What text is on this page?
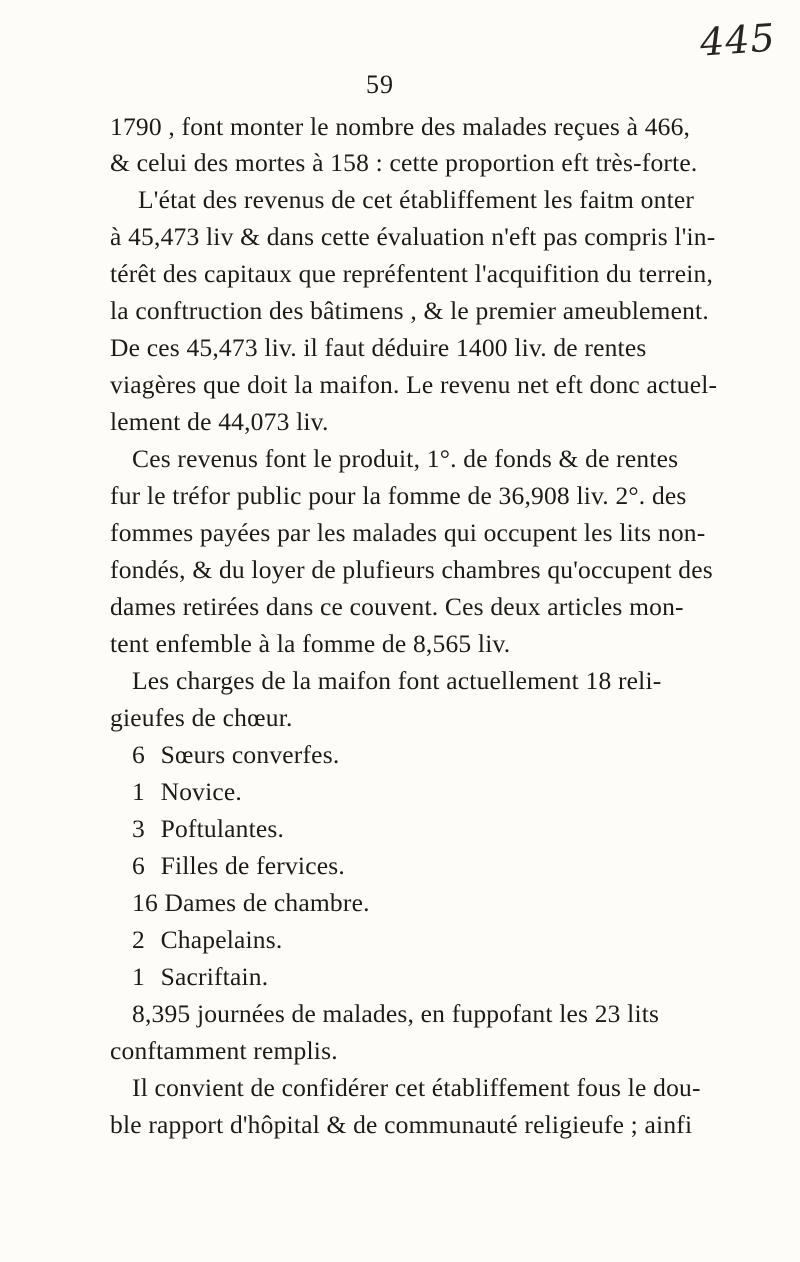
445
59
1790 , font monter le nombre des malades reçues à 466,
& celui des mortes à 158 : cette proportion eft très-forte.
L'état des revenus de cet établiffement les faitm onter
à 45,473 liv & dans cette évaluation n'eft pas compris l'in-
térêt des capitaux que repréfentent l'acquifition du terrein,
la conftruction des bâtimens , & le premier ameublement.
De ces 45,473 liv. il faut déduire 1400 liv. de rentes
viagères que doit la maifon. Le revenu net eft donc actuel-
lement de 44,073 liv.
Ces revenus font le produit, 1°. de fonds & de rentes
fur le tréfor public pour la fomme de 36,908 liv. 2°. des
fommes payées par les malades qui occupent les lits non-
fondés, & du loyer de plufieurs chambres qu'occupent des
dames retirées dans ce couvent. Ces deux articles mon-
tent enfemble à la fomme de 8,565 liv.
Les charges de la maifon font actuellement 18 reli-
gieufes de chœur.
6 Sœurs converfes.
1 Novice.
3 Poftulantes.
6 Filles de fervices.
16 Dames de chambre.
2 Chapelains.
1 Sacriftain.
8,395 journées de malades, en fuppofant les 23 lits
conftamment remplis.
Il convient de confidérer cet établiffement fous le dou-
ble rapport d'hôpital & de communauté religieufe ; ainfi
